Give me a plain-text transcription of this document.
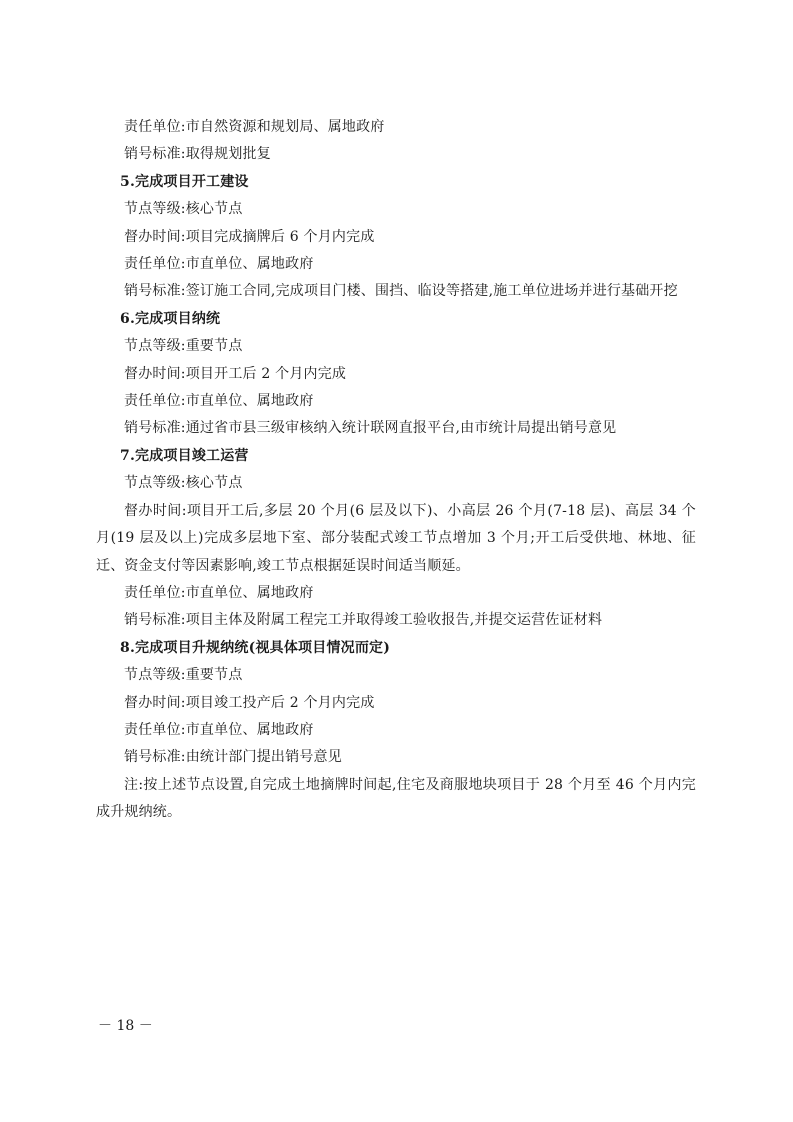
责任单位:市自然资源和规划局、属地政府

销号标准:取得规划批复

5.完成项目开工建设

节点等级:核心节点

督办时间:项目完成摘牌后 6 个月内完成

责任单位:市直单位、属地政府

销号标准:签订施工合同,完成项目门楼、围挡、临设等搭建,施工单位进场并进行基础开挖

6.完成项目纳统

节点等级:重要节点

督办时间:项目开工后 2 个月内完成

责任单位:市直单位、属地政府

销号标准:通过省市县三级审核纳入统计联网直报平台,由市统计局提出销号意见

7.完成项目竣工运营

节点等级:核心节点

督办时间:项目开工后,多层 20 个月(6 层及以下)、小高层 26 个月(7-18 层)、高层 34 个月(19 层及以上)完成多层地下室、部分装配式竣工节点增加 3 个月;开工后受供地、林地、征迁、资金支付等因素影响,竣工节点根据延误时间适当顺延。

责任单位:市直单位、属地政府

销号标准:项目主体及附属工程完工并取得竣工验收报告,并提交运营佐证材料

8.完成项目升规纳统(视具体项目情况而定)

节点等级:重要节点

督办时间:项目竣工投产后 2 个月内完成

责任单位:市直单位、属地政府

销号标准:由统计部门提出销号意见

注:按上述节点设置,自完成土地摘牌时间起,住宅及商服地块项目于 28 个月至 46 个月内完成升规纳统。

－ 18 －
